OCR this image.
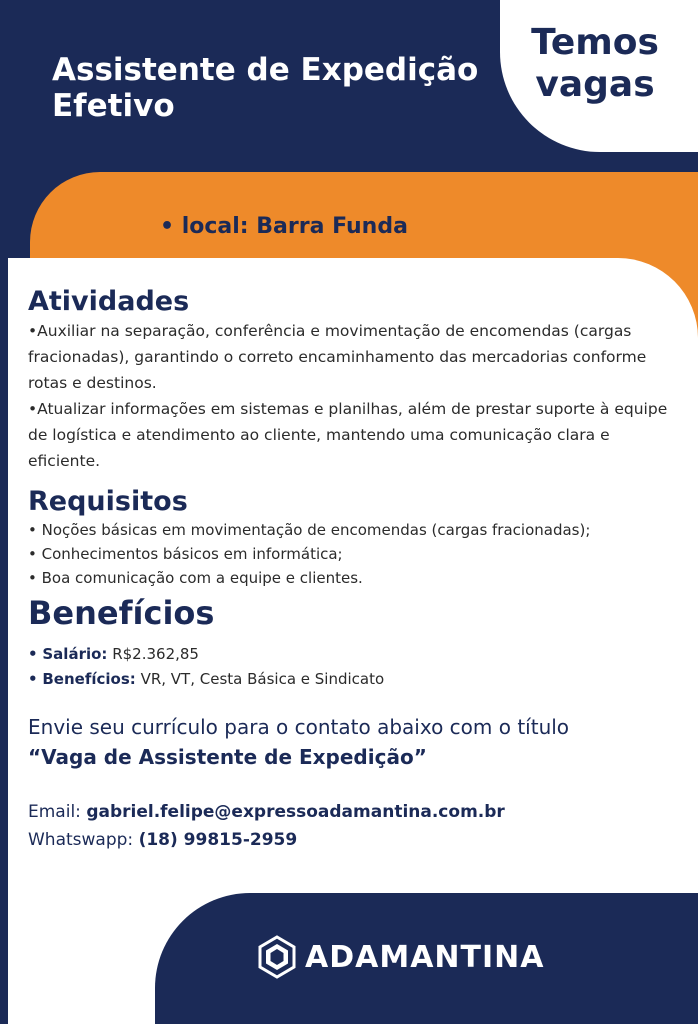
Temos
vagas
Assistente de Expedição
Efetivo
• local: Barra Funda
Atividades

•Auxiliar na separação, conferência e movimentação de encomendas (cargas fracionadas), garantindo o correto encaminhamento das mercadorias conforme rotas e destinos.

•Atualizar informações em sistemas e planilhas, além de prestar suporte à equipe de logística e atendimento ao cliente, mantendo uma comunicação clara e eficiente.

Requisitos
• Noções básicas em movimentação de encomendas (cargas fracionadas);
• Conhecimentos básicos em informática;
• Boa comunicação com a equipe e clientes.
Benefícios
• Salário: R$2.362,85
• Benefícios: VR, VT, Cesta Básica e Sindicato
Envie seu currículo para o contato abaixo com o título
“Vaga de Assistente de Expedição”
Email: gabriel.felipe@expressoadamantina.com.br
Whatswapp: (18) 99815-2959
ADAMANTINA
